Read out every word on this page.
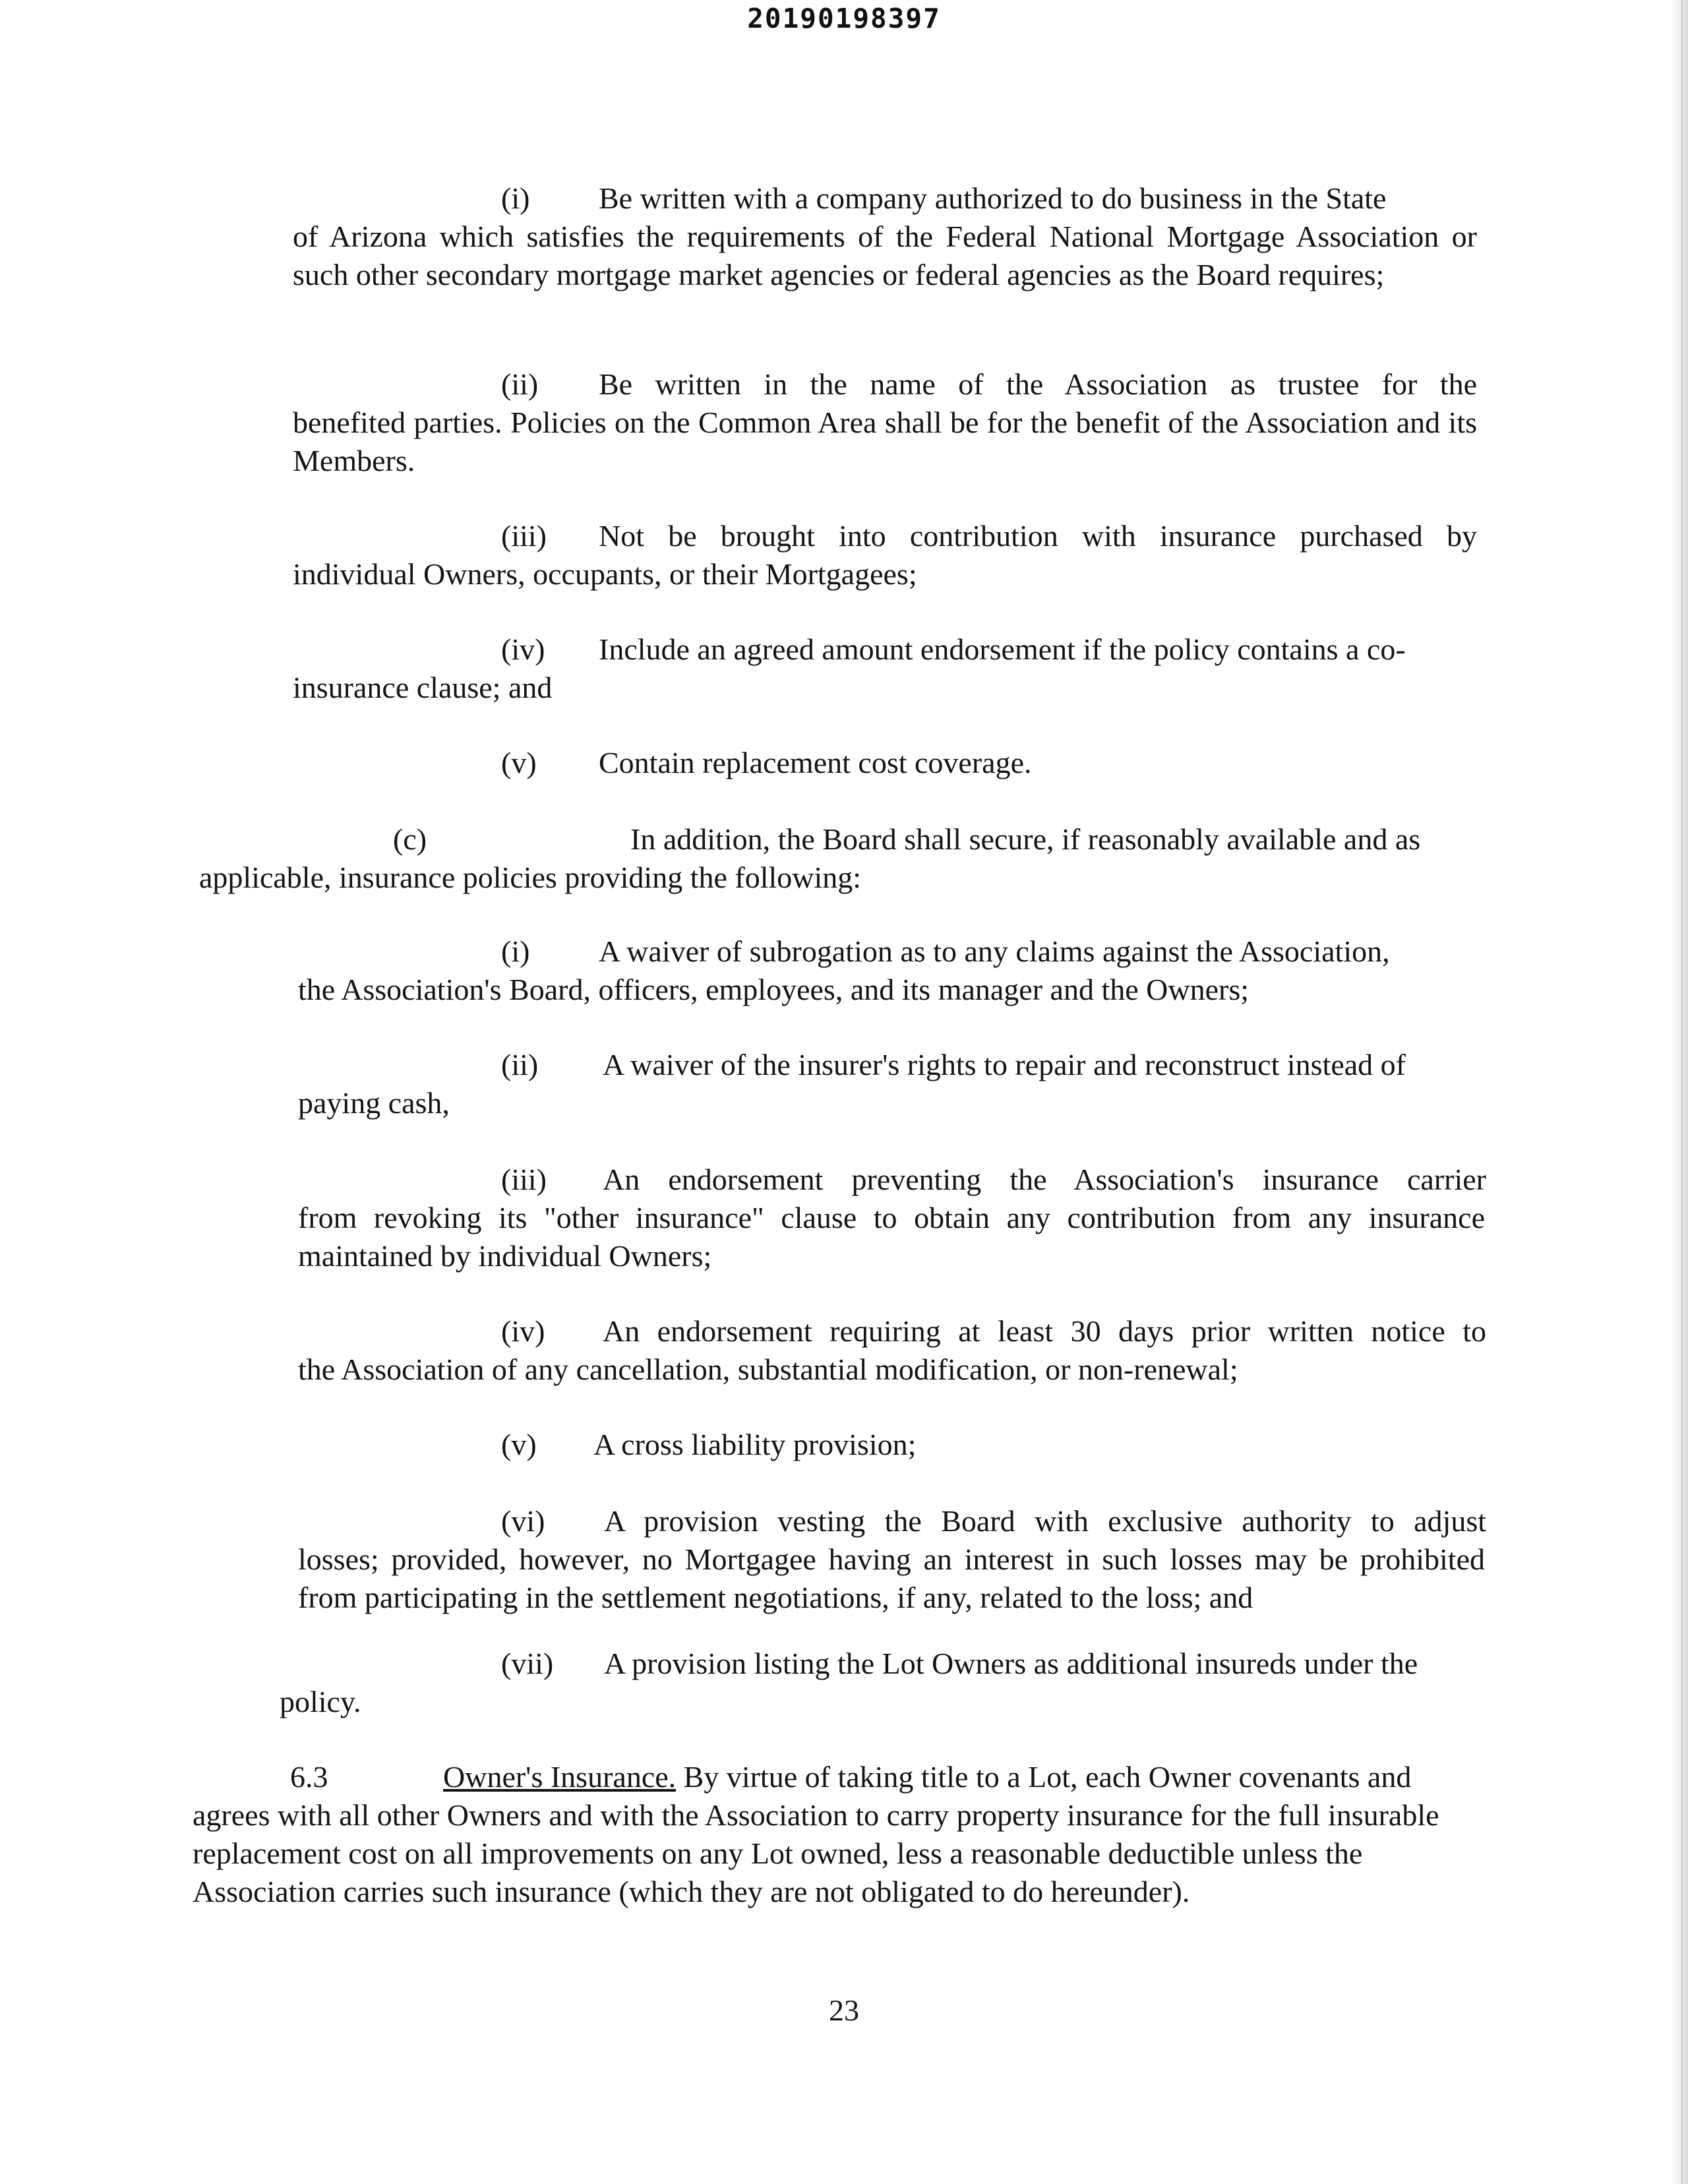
20190198397
(i) Be written with a company authorized to do business in the State
of Arizona which satisfies the requirements of the Federal National Mortgage Association or such other secondary mortgage market agencies or federal agencies as the Board requires;
(ii) Be written in the name of the Association as trustee for the
benefited parties. Policies on the Common Area shall be for the benefit of the Association and its Members.
(iii) Not be brought into contribution with insurance purchased by
individual Owners, occupants, or their Mortgagees;
(iv) Include an agreed amount endorsement if the policy contains a co-
insurance clause; and
(v) Contain replacement cost coverage.
(c)	In addition, the Board shall secure, if reasonably available and as
applicable, insurance policies providing the following:
(i) A waiver of subrogation as to any claims against the Association,
the Association's Board, officers, employees, and its manager and the Owners;
(ii) A waiver of the insurer's rights to repair and reconstruct instead of
paying cash,
(iii) An endorsement preventing the Association's insurance carrier
from revoking its "other insurance" clause to obtain any contribution from any insurance maintained by individual Owners;
(iv) An endorsement requiring at least 30 days prior written notice to
the Association of any cancellation, substantial modification, or non-renewal;
(v) A cross liability provision;
(vi) A provision vesting the Board with exclusive authority to adjust
losses; provided, however, no Mortgagee having an interest in such losses may be prohibited from participating in the settlement negotiations, if any, related to the loss; and
(vii) A provision listing the Lot Owners as additional insureds under the
policy.
6.3	Owner's Insurance. By virtue of taking title to a Lot, each Owner covenants and
agrees with all other Owners and with the Association to carry property insurance for the full insurable replacement cost on all improvements on any Lot owned, less a reasonable deductible unless the Association carries such insurance (which they are not obligated to do hereunder).
23
